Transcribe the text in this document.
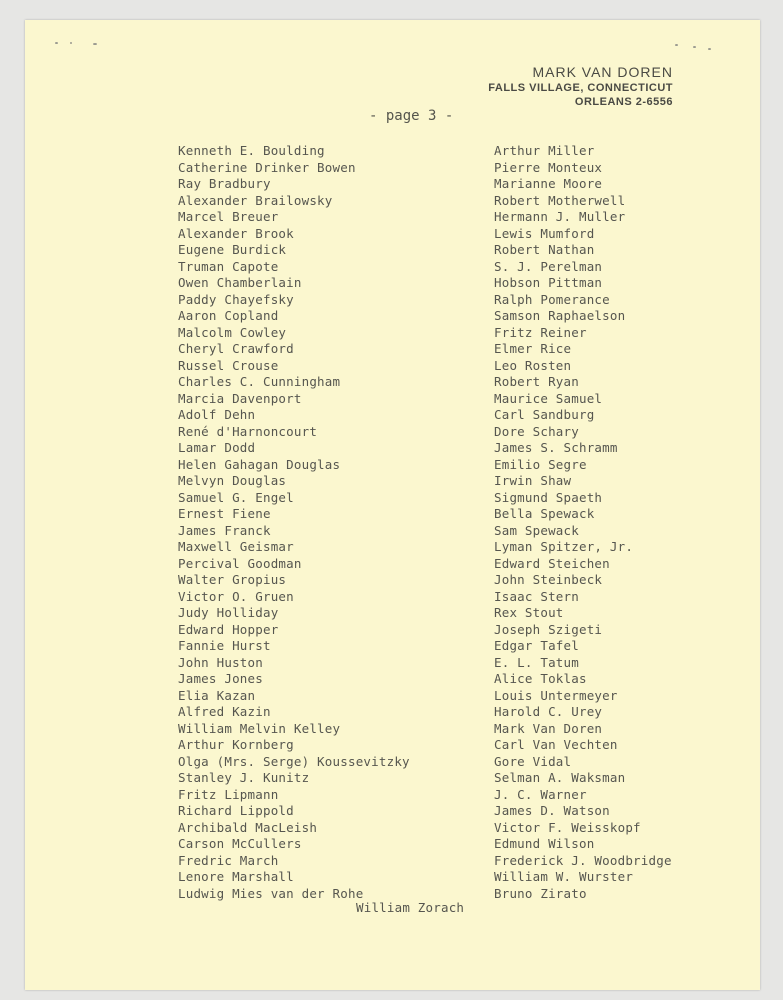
MARK VAN DOREN
FALLS VILLAGE, CONNECTICUT
ORLEANS 2-6556
- page 3 -
Kenneth E. Boulding
Catherine Drinker Bowen
Ray Bradbury
Alexander Brailowsky
Marcel Breuer
Alexander Brook
Eugene Burdick
Truman Capote
Owen Chamberlain
Paddy Chayefsky
Aaron Copland
Malcolm Cowley
Cheryl Crawford
Russel Crouse
Charles C. Cunningham
Marcia Davenport
Adolf Dehn
René d'Harnoncourt
Lamar Dodd
Helen Gahagan Douglas
Melvyn Douglas
Samuel G. Engel
Ernest Fiene
James Franck
Maxwell Geismar
Percival Goodman
Walter Gropius
Victor O. Gruen
Judy Holliday
Edward Hopper
Fannie Hurst
John Huston
James Jones
Elia Kazan
Alfred Kazin
William Melvin Kelley
Arthur Kornberg
Olga (Mrs. Serge) Koussevitzky
Stanley J. Kunitz
Fritz Lipmann
Richard Lippold
Archibald MacLeish
Carson McCullers
Fredric March
Lenore Marshall
Ludwig Mies van der Rohe
Arthur Miller
Pierre Monteux
Marianne Moore
Robert Motherwell
Hermann J. Muller
Lewis Mumford
Robert Nathan
S. J. Perelman
Hobson Pittman
Ralph Pomerance
Samson Raphaelson
Fritz Reiner
Elmer Rice
Leo Rosten
Robert Ryan
Maurice Samuel
Carl Sandburg
Dore Schary
James S. Schramm
Emilio Segre
Irwin Shaw
Sigmund Spaeth
Bella Spewack
Sam Spewack
Lyman Spitzer, Jr.
Edward Steichen
John Steinbeck
Isaac Stern
Rex Stout
Joseph Szigeti
Edgar Tafel
E. L. Tatum
Alice Toklas
Louis Untermeyer
Harold C. Urey
Mark Van Doren
Carl Van Vechten
Gore Vidal
Selman A. Waksman
J. C. Warner
James D. Watson
Victor F. Weisskopf
Edmund Wilson
Frederick J. Woodbridge
William W. Wurster
Bruno Zirato
William Zorach
